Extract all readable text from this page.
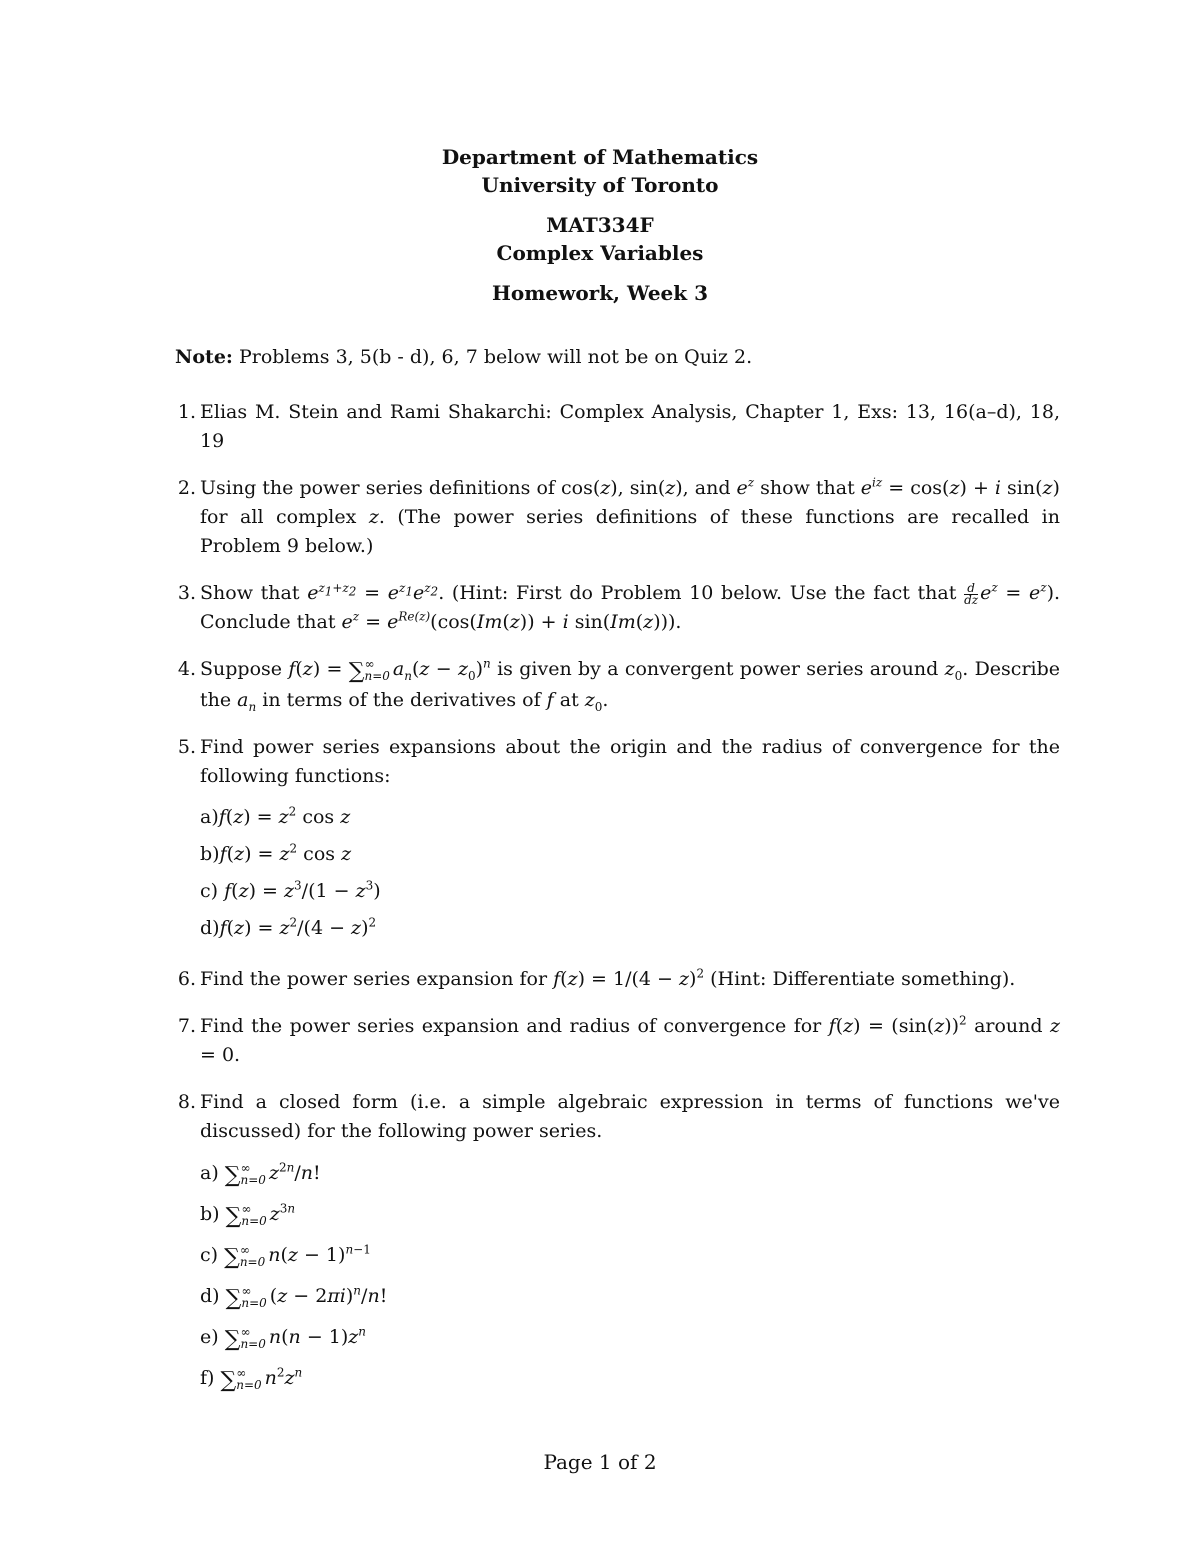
Department of Mathematics
University of Toronto
MAT334F
Complex Variables
Homework, Week 3
Note: Problems 3, 5(b - d), 6, 7 below will not be on Quiz 2.
1. Elias M. Stein and Rami Shakarchi: Complex Analysis, Chapter 1, Exs: 13, 16(a–d), 18, 19
2. Using the power series definitions of cos(z), sin(z), and $e^z$ show that $e^{iz} = \cos(z) + i$ sin(z) for all complex z. (The power series definitions of these functions are recalled in Problem 9 below.)
3. Show that $e^{z_1+z_2} = e^{z_1}e^{z_2}$. (Hint: First do Problem 10 below. Use the fact that $\frac{d}{dz} e^z = e^z$). Conclude that $e^z = e^{Re(z)}(\cos(Im(z)) + i$ sin(Im(z))).
4. Suppose f(z) = ∑ ∞
n=0 $a_n(z - z_0)^n$ is given by a convergent power series around $z_0$. Describe the $a_n$ in terms of the derivatives of f at $z_0$.
5. Find power series expansions about the origin and the radius of convergence for the following functions:
$a)f(z) = z^2$ cos z
$b)f(z) = z^2$ cos z
c) $f(z) = z^3/(1 - z^3)$
$d)f(z) = z^2/(4 - z)^2$
6. Find the power series expansion for $f(z) = 1/(4 - z)^2$ (Hint: Differentiate something).
7. Find the power series expansion and radius of convergence for $f(z) = (\sin(z))^2$ around z = 0.
8. Find a closed form (i.e. a simple algebraic expression in terms of functions we've discussed) for the following power series.
a) ∑ ∞
n=0 $z^{2n}/n$!
b) ∑ ∞
n=0 $z^{3n}$
c) ∑ ∞
n=0 $n(z - 1)^{n-1}$
d) ∑ ∞
n=0 $(z - 2\pi i)^n/n$!
e) ∑ ∞
n=0 $n(n - 1)z^n$
f) ∑ ∞
n=0 $n^2z^n$
Page 1 of 2
